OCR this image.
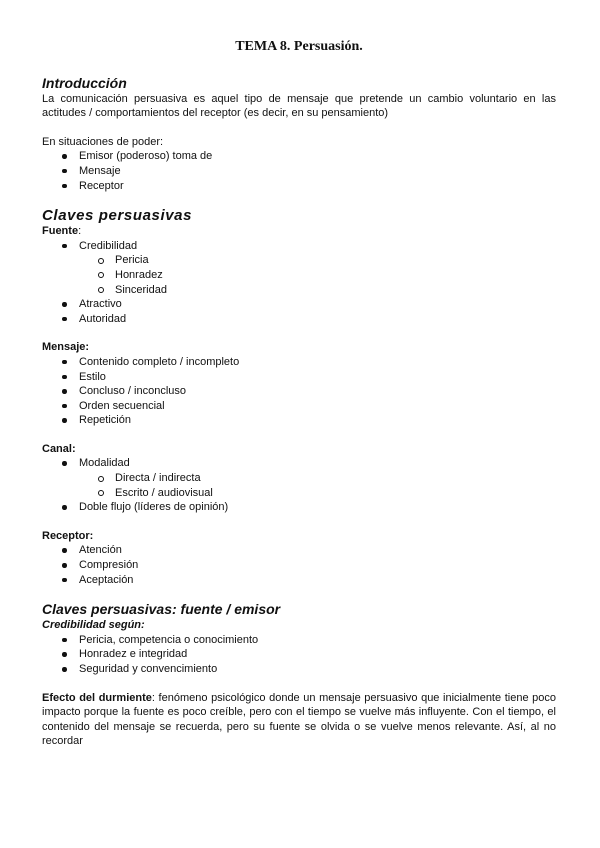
TEMA 8. Persuasión.
Introducción

La comunicación persuasiva es aquel tipo de mensaje que pretende un cambio voluntario en las actitudes / comportamientos del receptor (es decir, en su pensamiento)

En situaciones de poder:

Emisor (poderoso) toma de
Mensaje
Receptor
Claves persuasivas
Fuente:
Credibilidad
Pericia
Honradez
Sinceridad
Atractivo
Autoridad
Mensaje:
Contenido completo / incompleto
Estilo
Concluso / inconcluso
Orden secuencial
Repetición
Canal:
Modalidad
Directa / indirecta
Escrito / audiovisual
Doble flujo (líderes de opinión)
Receptor:
Atención
Compresión
Aceptación
Claves persuasivas: fuente / emisor
Credibilidad según:
Pericia, competencia o conocimiento
Honradez e integridad
Seguridad y convencimiento

Efecto del durmiente: fenómeno psicológico donde un mensaje persuasivo que inicialmente tiene poco impacto porque la fuente es poco creíble, pero con el tiempo se vuelve más influyente. Con el tiempo, el contenido del mensaje se recuerda, pero su fuente se olvida o se vuelve menos relevante. Así, al no recordar
